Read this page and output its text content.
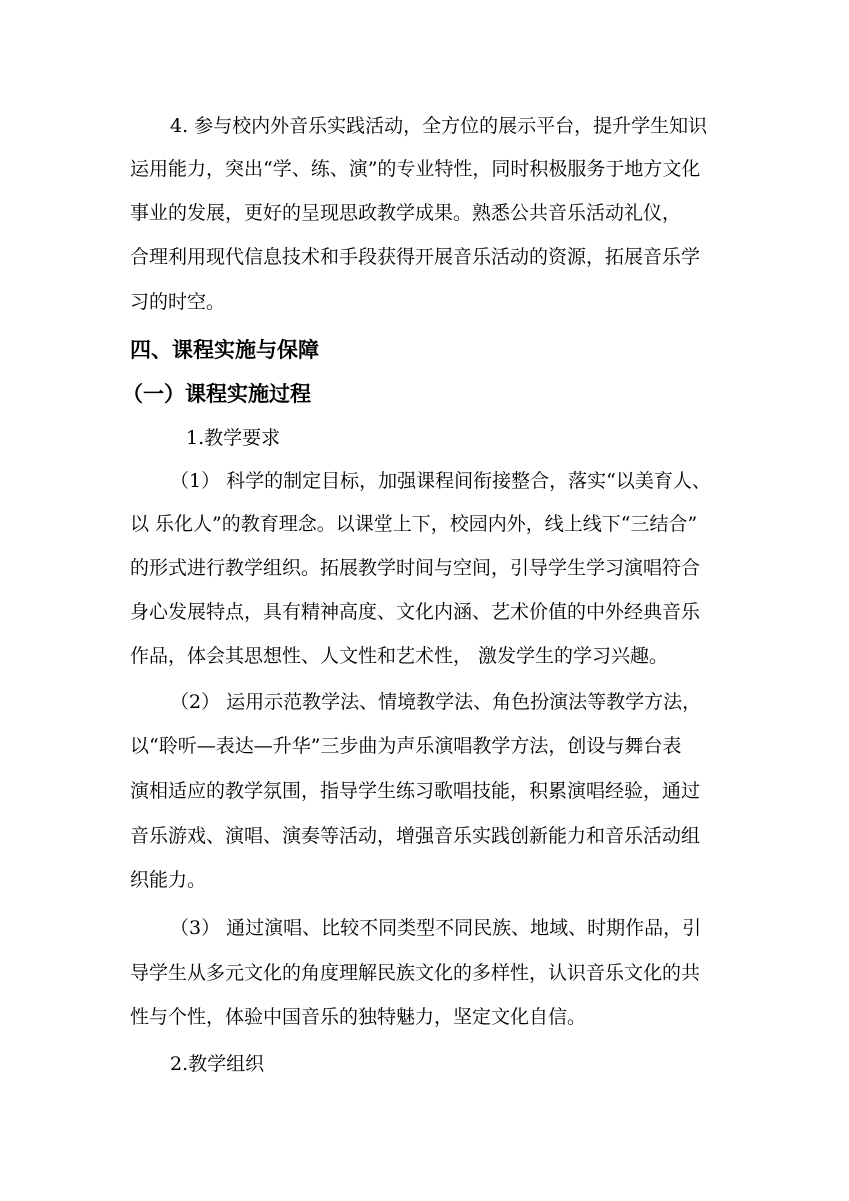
4. 参与校内外音乐实践活动，全方位的展示平台，提升学生知识
运用能力，突出“学、练、演”的专业特性，同时积极服务于地方文化
事业的发展，更好的呈现思政教学成果。熟悉公共音乐活动礼仪，
合理利用现代信息技术和手段获得开展音乐活动的资源，拓展音乐学
习的时空。
四、课程实施与保障
（一）课程实施过程
1.教学要求
（1） 科学的制定目标，加强课程间衔接整合，落实“以美育人、
以 乐化人”的教育理念。以课堂上下，校园内外，线上线下“三结合”
的形式进行教学组织。拓展教学时间与空间，引导学生学习演唱符合
身心发展特点，具有精神高度、文化内涵、艺术价值的中外经典音乐
作品，体会其思想性、人文性和艺术性， 激发学生的学习兴趣。
（2） 运用示范教学法、情境教学法、角色扮演法等教学方法，
以“聆听—表达—升华”三步曲为声乐演唱教学方法，创设与舞台表
演相适应的教学氛围，指导学生练习歌唱技能，积累演唱经验，通过
音乐游戏、演唱、演奏等活动，增强音乐实践创新能力和音乐活动组
织能力。
（3） 通过演唱、比较不同类型不同民族、地域、时期作品，引
导学生从多元文化的角度理解民族文化的多样性，认识音乐文化的共
性与个性，体验中国音乐的独特魅力，坚定文化自信。
2.教学组织
